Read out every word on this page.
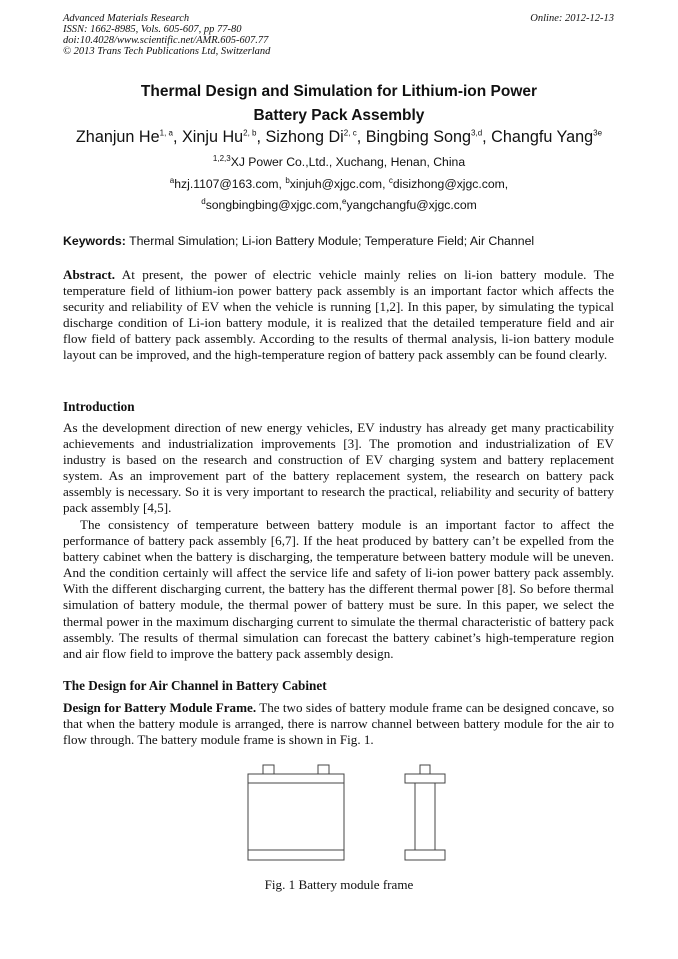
Advanced Materials Research
ISSN: 1662-8985, Vols. 605-607, pp 77-80
doi:10.4028/www.scientific.net/AMR.605-607.77
© 2013 Trans Tech Publications Ltd, Switzerland
Online: 2012-12-13
Thermal Design and Simulation for Lithium-ion Power
Battery Pack Assembly
Zhanjun He$^{1, a}$, Xinju Hu$^{2, b}$, Sizhong Di$^{2, c}$, Bingbing Song$^{3,d}$, Changfu Yang$^{3e}$
$^{1,2,3}$XJ Power Co.,Ltd., Xuchang, Henan, China
$^a$hzj.1107@163.com, $^b$xinjuh@xjgc.com, $^c$disizhong@xjgc.com,
$^d$songbingbing@xjgc.com,$^e$yangchangfu@xjgc.com
Keywords: Thermal Simulation; Li-ion Battery Module; Temperature Field; Air Channel

Abstract. At present, the power of electric vehicle mainly relies on li-ion battery module. The temperature field of lithium-ion power battery pack assembly is an important factor which affects the security and reliability of EV when the vehicle is running [1,2]. In this paper, by simulating the typical discharge condition of Li-ion battery module, it is realized that the detailed temperature field and air flow field of battery pack assembly. According to the results of thermal analysis, li-ion battery module layout can be improved, and the high-temperature region of battery pack assembly can be found clearly.

Introduction

As the development direction of new energy vehicles, EV industry has already get many practicability achievements and industrialization improvements [3]. The promotion and industrialization of EV industry is based on the research and construction of EV charging system and battery replacement system. As an improvement part of the battery replacement system, the research on battery pack assembly is necessary. So it is very important to research the practical, reliability and security of battery pack assembly [4,5].

The consistency of temperature between battery module is an important factor to affect the performance of battery pack assembly [6,7]. If the heat produced by battery can’t be expelled from the battery cabinet when the battery is discharging, the temperature between battery module will be uneven. And the condition certainly will affect the service life and safety of li-ion power battery pack assembly. With the different discharging current, the battery has the different thermal power [8]. So before thermal simulation of battery module, the thermal power of battery must be sure. In this paper, we select the thermal power in the maximum discharging current to simulate the thermal characteristic of battery pack assembly. The results of thermal simulation can forecast the battery cabinet’s high-temperature region and air flow field to improve the battery pack assembly design.

The Design for Air Channel in Battery Cabinet

Design for Battery Module Frame. The two sides of battery module frame can be designed concave, so that when the battery module is arranged, there is narrow channel between battery module for the air to flow through. The battery module frame is shown in Fig. 1.

Fig. 1 Battery module frame
